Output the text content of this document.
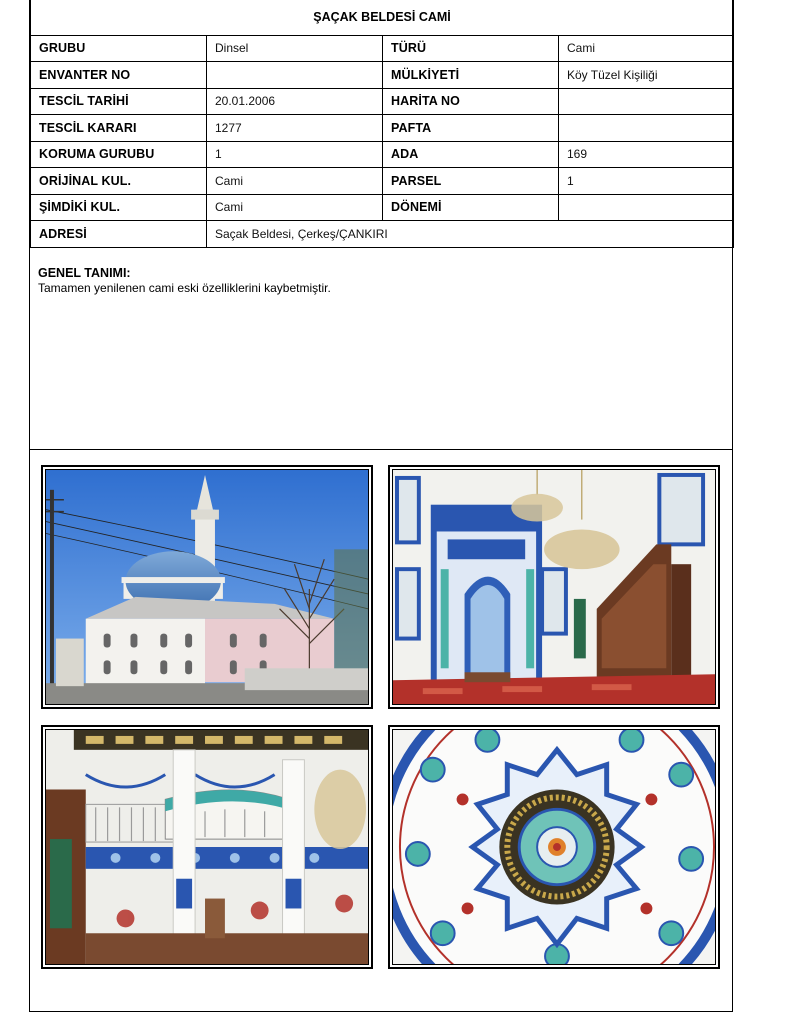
ŞAÇAK BELDESİ CAMİ			
GRUBU	Dinsel	TÜRÜ	Cami
ENVANTER NO		MÜLKİYETİ	Köy Tüzel Kişiliği
TESCİL TARİHİ	20.01.2006	HARİTA NO	
TESCİL KARARI	1277	PAFTA	
KORUMA GURUBU	1	ADA	169
ORİJİNAL KUL.	Cami	PARSEL	1
ŞİMDİKİ KUL.	Cami	DÖNEMİ	
ADRESİ	Saçak Beldesi, Çerkeş/ÇANKIRI		
GENEL TANIMI:
Tamamen yenilenen cami eski özelliklerini kaybetmiştir.
